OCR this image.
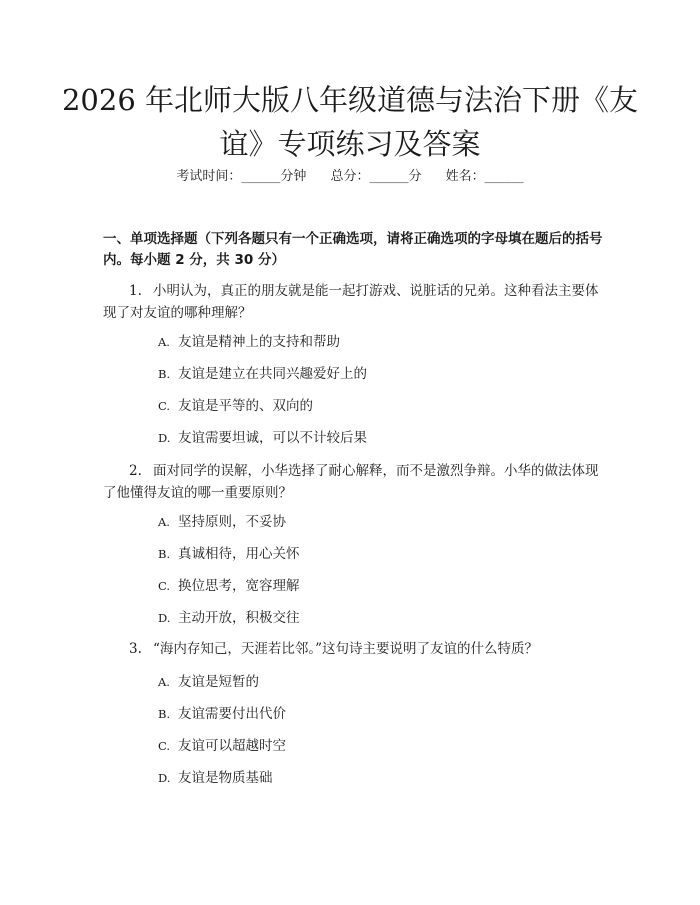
2026 年北师大版八年级道德与法治下册《友谊》专项练习及答案
考试时间：______分钟 总分：______分 姓名：______
一、单项选择题（下列各题只有一个正确选项，请将正确选项的字母填在题后的括号内。每小题 2 分，共 30 分）
1. 小明认为，真正的朋友就是能一起打游戏、说脏话的兄弟。这种看法主要体现了对友谊的哪种理解？
A. 友谊是精神上的支持和帮助
B. 友谊是建立在共同兴趣爱好上的
C. 友谊是平等的、双向的
D. 友谊需要坦诚，可以不计较后果
2. 面对同学的误解，小华选择了耐心解释，而不是激烈争辩。小华的做法体现了他懂得友谊的哪一重要原则？
A. 坚持原则，不妥协
B. 真诚相待，用心关怀
C. 换位思考，宽容理解
D. 主动开放，积极交往
3. “海内存知己，天涯若比邻。”这句诗主要说明了友谊的什么特质？
A. 友谊是短暂的
B. 友谊需要付出代价
C. 友谊可以超越时空
D. 友谊是物质基础
